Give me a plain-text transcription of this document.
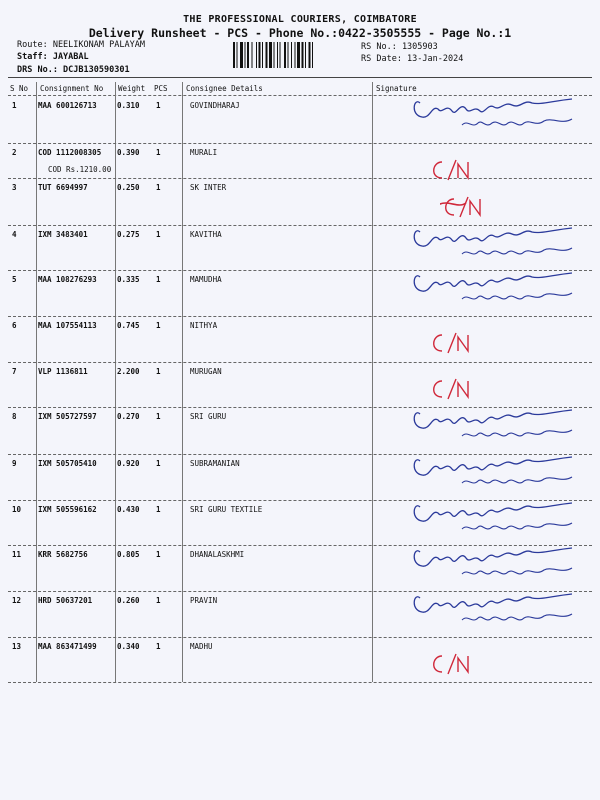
THE PROFESSIONAL COURIERS, COIMBATORE
Delivery Runsheet - PCS - Phone No.:0422-3505555 - Page No.:1
Route: NEELIKONAM PALAYAM
Staff: JAYABAL
DRS No.: DCJB130590301
RS No.: 1305903
RS Date: 13-Jan-2024
S No Consignment No Weight PCS Consignee Details	Signature
1	MAA 600126713	0.310 1	GOVINDHARAJ
2	COD 1112008305 0.390 1	MURALI
COD Rs.1210.00
3	TUT 6694997	0.250 1	SK INTER
4	IXM 3483401	0.275 1	KAVITHA
5	MAA 108276293	0.335 1	MAMUDHA
6	MAA 107554113	0.745 1	NITHYA
7	VLP 1136811	2.200 1	MURUGAN
8	IXM 505727597	0.270 1	SRI GURU
9	IXM 505705410	0.920 1	SUBRAMANIAN
10 IXM 505596162	0.430 1	SRI GURU TEXTILE
11 KRR 5682756	0.805 1	DHANALASKHMI
12 HRD 50637201	0.260 1	PRAVIN
13 MAA 863471499	0.340 1	MADHU
